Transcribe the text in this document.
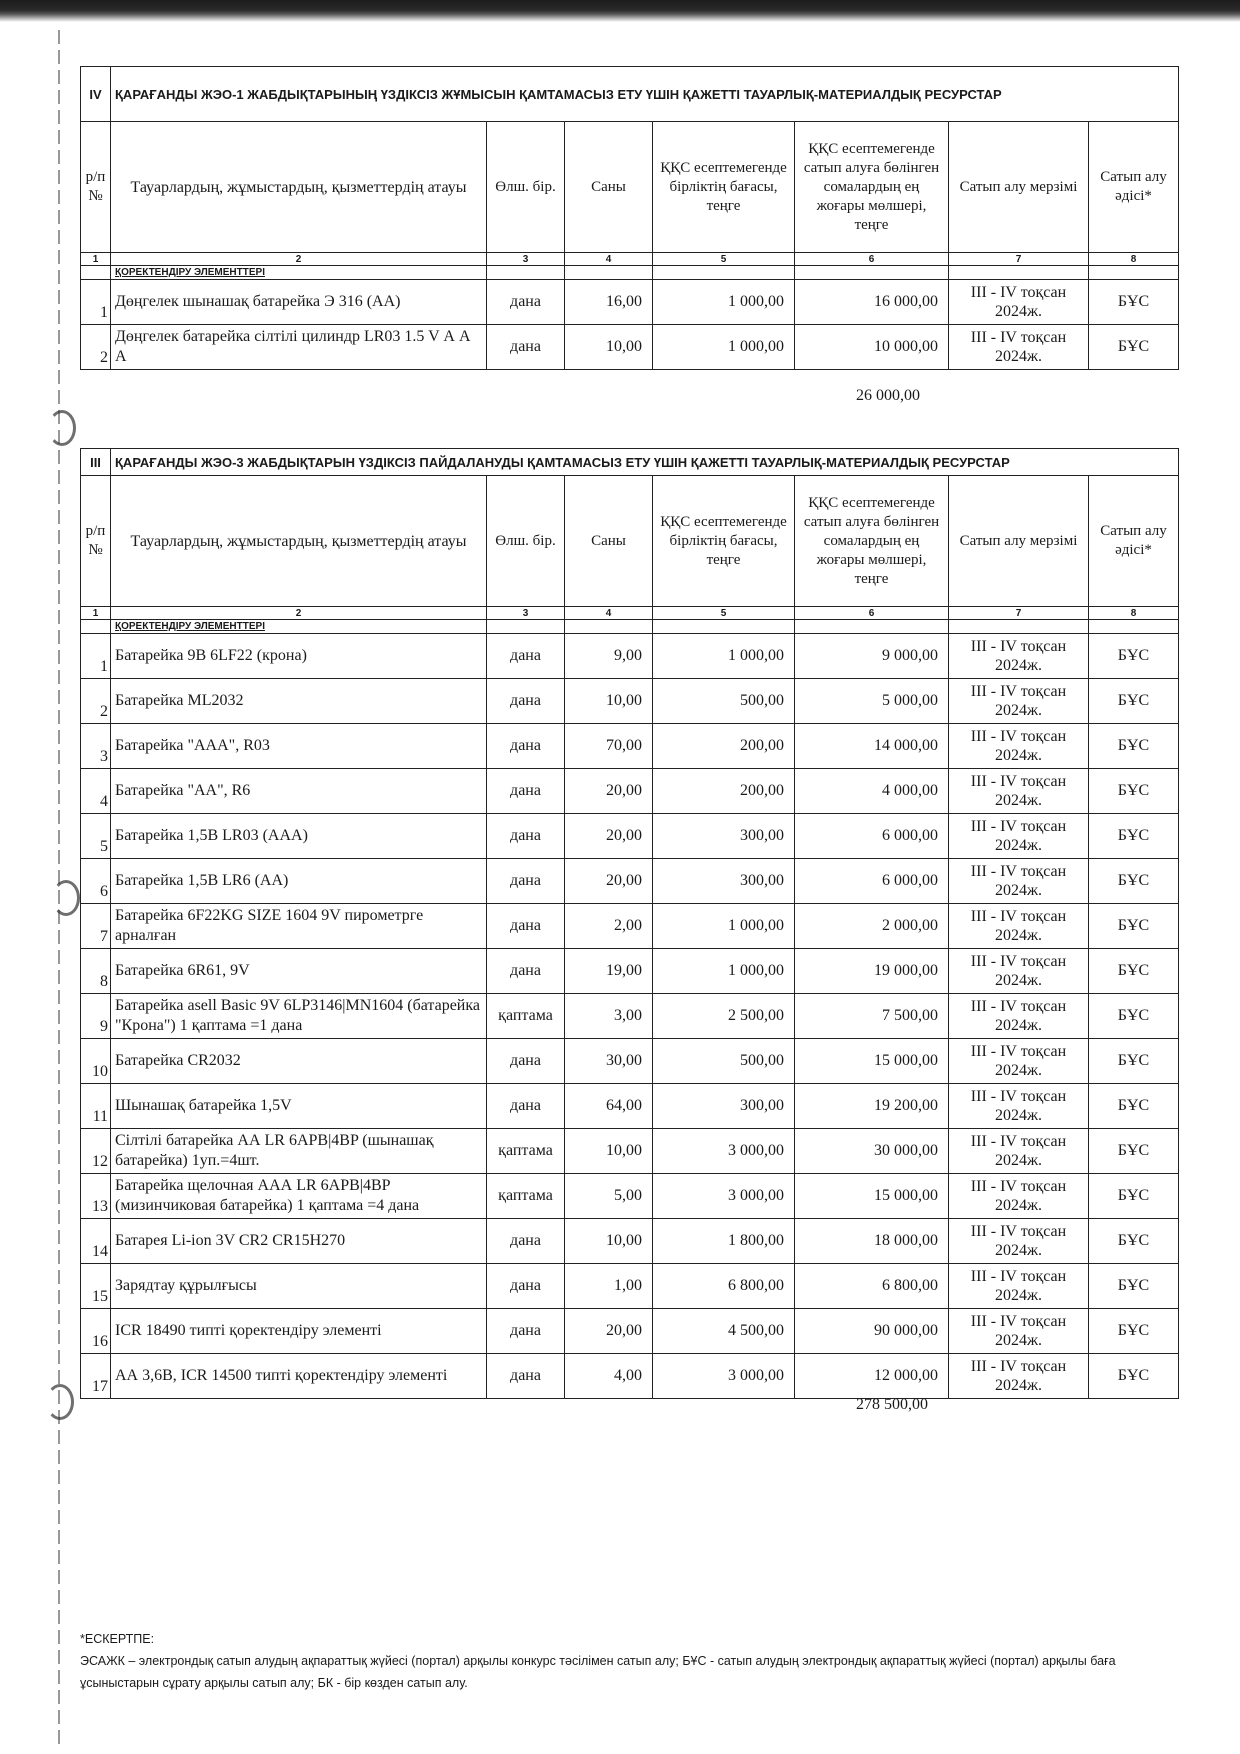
IV	ҚАРАҒАНДЫ ЖЭО-1 ЖАБДЫҚТАРЫНЫҢ ҮЗДІКСІЗ ЖҰМЫСЫН ҚАМТАМАСЫЗ ЕТУ ҮШІН ҚАЖЕТТІ ТАУАРЛЫҚ-МАТЕРИАЛДЫҚ РЕСУРСТАР						
р/п №	Тауарлардың, жұмыстардың, қызметтердің атауы	Өлш. бір.	Саны	ҚҚС есептемегенде бірліктің бағасы, теңге	ҚҚС есептемегенде сатып алуға бөлінген сомалардың ең жоғары мөлшері, теңге	Сатып алу мерзімі	Сатып алу әдісі*
1	2	3	4	5	6	7	8
	ҚОРЕКТЕНДІРУ ЭЛЕМЕНТТЕРІ						
1	Дөңгелек шынашақ батарейка Э 316 (АА)	дана	16,00	1 000,00	16 000,00	III - IV тоқсан 2024ж.	БҰС
2	Дөңгелек батарейка сілтілі цилиндр LR03 1.5 V А А А	дана	10,00	1 000,00	10 000,00	III - IV тоқсан 2024ж.	БҰС
26 000,00
III	ҚАРАҒАНДЫ ЖЭО-3 ЖАБДЫҚТАРЫН ҮЗДІКСІЗ ПАЙДАЛАНУДЫ ҚАМТАМАСЫЗ ЕТУ ҮШІН ҚАЖЕТТІ ТАУАРЛЫҚ-МАТЕРИАЛДЫҚ РЕСУРСТАР						
р/п №	Тауарлардың, жұмыстардың, қызметтердің атауы	Өлш. бір.	Саны	ҚҚС есептемегенде бірліктің бағасы, теңге	ҚҚС есептемегенде сатып алуға бөлінген сомалардың ең жоғары мөлшері, теңге	Сатып алу мерзімі	Сатып алу әдісі*
1	2	3	4	5	6	7	8
	ҚОРЕКТЕНДІРУ ЭЛЕМЕНТТЕРІ						
1	Батарейка 9В 6LF22 (крона)	дана	9,00	1 000,00	9 000,00	III - IV тоқсан 2024ж.	БҰС
2	Батарейка ML2032	дана	10,00	500,00	5 000,00	III - IV тоқсан 2024ж.	БҰС
3	Батарейка "ААА", R03	дана	70,00	200,00	14 000,00	III - IV тоқсан 2024ж.	БҰС
4	Батарейка "АА", R6	дана	20,00	200,00	4 000,00	III - IV тоқсан 2024ж.	БҰС
5	Батарейка 1,5В LR03 (ААА)	дана	20,00	300,00	6 000,00	III - IV тоқсан 2024ж.	БҰС
6	Батарейка 1,5В LR6 (АА)	дана	20,00	300,00	6 000,00	III - IV тоқсан 2024ж.	БҰС
7	Батарейка 6F22KG SIZE 1604 9V пирометрге арналған	дана	2,00	1 000,00	2 000,00	III - IV тоқсан 2024ж.	БҰС
8	Батарейка 6R61, 9V	дана	19,00	1 000,00	19 000,00	III - IV тоқсан 2024ж.	БҰС
9	Батарейка asell Basic 9V 6LP3146|MN1604 (батарейка "Крона") 1 қаптама =1 дана	қаптама	3,00	2 500,00	7 500,00	III - IV тоқсан 2024ж.	БҰС
10	Батарейка CR2032	дана	30,00	500,00	15 000,00	III - IV тоқсан 2024ж.	БҰС
11	Шынашақ батарейка 1,5V	дана	64,00	300,00	19 200,00	III - IV тоқсан 2024ж.	БҰС
12	Сілтілі батарейка АА LR 6APB|4BP (шынашақ батарейка) 1уп.=4шт.	қаптама	10,00	3 000,00	30 000,00	III - IV тоқсан 2024ж.	БҰС
13	Батарейка щелочная ААА LR 6APB|4BP (мизинчиковая батарейка) 1 қаптама =4 дана	қаптама	5,00	3 000,00	15 000,00	III - IV тоқсан 2024ж.	БҰС
14	Батарея Li-ion 3V CR2 CR15H270	дана	10,00	1 800,00	18 000,00	III - IV тоқсан 2024ж.	БҰС
15	Зарядтау құрылғысы	дана	1,00	6 800,00	6 800,00	III - IV тоқсан 2024ж.	БҰС
16	ICR 18490 типті қоректендіру элементі	дана	20,00	4 500,00	90 000,00	III - IV тоқсан 2024ж.	БҰС
17	АА 3,6В, ICR 14500 типті қоректендіру элементі	дана	4,00	3 000,00	12 000,00	III - IV тоқсан 2024ж.	БҰС
278 500,00
*ЕСКЕРТПЕ:
ЭСАЖК – электрондық сатып алудың ақпараттық жүйесі (портал) арқылы конкурс тәсілімен сатып алу; БҰС - сатып алудың электрондық ақпараттық жүйесі (портал) арқылы баға ұсыныстарын сұрату арқылы сатып алу; БК - бір көзден сатып алу.
